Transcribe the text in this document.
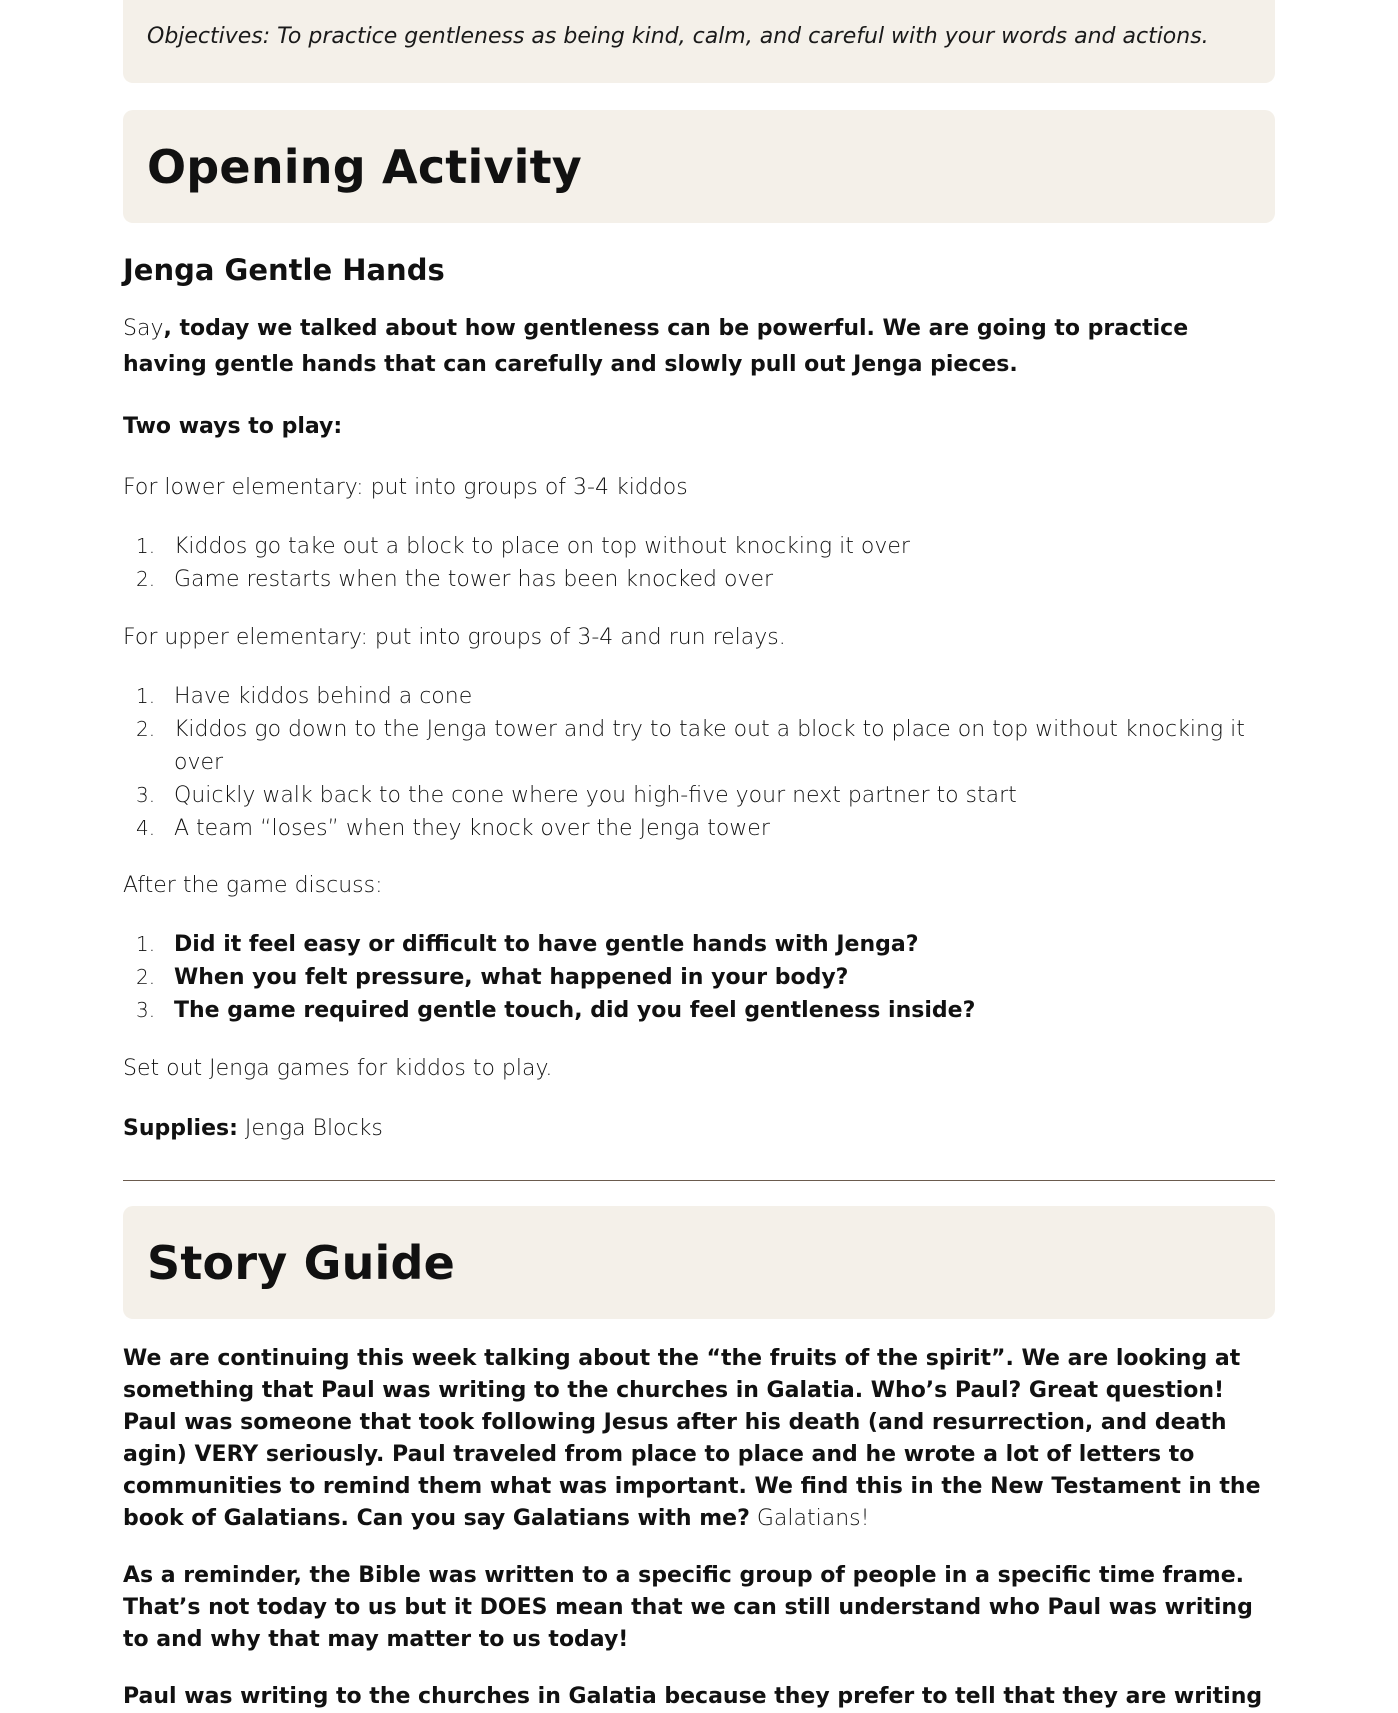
Objectives: To practice gentleness as being kind, calm, and careful with your words and actions.
Opening Activity
Jenga Gentle Hands

Say, today we talked about how gentleness can be powerful. We are going to practice having gentle hands that can carefully and slowly pull out Jenga pieces.

Two ways to play:

For lower elementary: put into groups of 3-4 kiddos

1. Kiddos go take out a block to place on top without knocking it over
2. Game restarts when the tower has been knocked over

For upper elementary: put into groups of 3-4 and run relays.

1. Have kiddos behind a cone
2. Kiddos go down to the Jenga tower and try to take out a block to place on top without knocking it over
3. Quickly walk back to the cone where you high-five your next partner to start
4. A team “loses” when they knock over the Jenga tower

After the game discuss:

1. Did it feel easy or difficult to have gentle hands with Jenga?
2. When you felt pressure, what happened in your body?
3. The game required gentle touch, did you feel gentleness inside?

Set out Jenga games for kiddos to play.

Supplies: Jenga Blocks

Story Guide

We are continuing this week talking about the “the fruits of the spirit”. We are looking at something that Paul was writing to the churches in Galatia. Who’s Paul? Great question! Paul was someone that took following Jesus after his death (and resurrection, and death agin) VERY seriously. Paul traveled from place to place and he wrote a lot of letters to communities to remind them what was important. We find this in the New Testament in the book of Galatians. Can you say Galatians with me? Galatians!

As a reminder, the Bible was written to a specific group of people in a specific time frame. That’s not today to us but it DOES mean that we can still understand who Paul was writing to and why that may matter to us today!

Paul was writing to the churches in Galatia because they prefer to tell that they are writing
